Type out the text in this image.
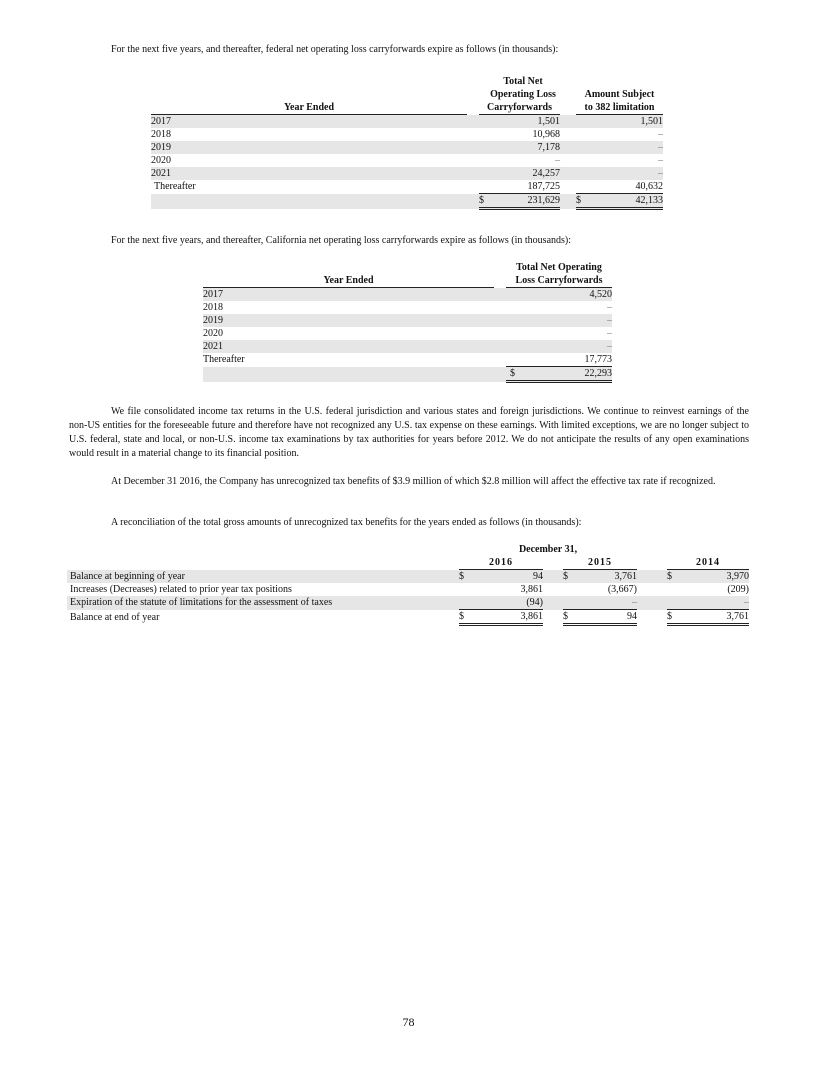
For the next five years, and thereafter, federal net operating loss carryforwards expire as follows (in thousands):

			Total Net			
			Operating Loss		Amount Subject	
Year Ended		Carryforwards			to 382 limitation	
2017			1,501			1,501
2018			10,968			–
2019			7,178			–
2020			–			–
2021			24,257			–
Thereafter			187,725			40,632
		$	231,629		$	42,133

For the next five years, and thereafter, California net operating loss carryforwards expire as follows (in thousands):

		Total Net Operating	
Year Ended		Loss Carryforwards	
2017			4,520
2018			–
2019			–
2020			–
2021			–
Thereafter			17,773
		$	22,293

We file consolidated income tax returns in the U.S. federal jurisdiction and various states and foreign jurisdictions. We continue to reinvest earnings of the non-US entities for the foreseeable future and therefore have not recognized any U.S. tax expense on these earnings. With limited exceptions, we are no longer subject to U.S. federal, state and local, or non-U.S. income tax examinations by tax authorities for years before 2012. We do not anticipate the results of any open examinations would result in a material change to its financial position.

At December 31 2016, the Company has unrecognized tax benefits of $3.9 million of which $2.8 million will affect the effective tax rate if recognized.

A reconciliation of the total gross amounts of unrecognized tax benefits for the years ended as follows (in thousands):

		December 31,							
		2016			2015			2014	
Balance at beginning of year		$	94		$	3,761		$	3,970
Increases (Decreases) related to prior year tax positions			3,861			(3,667)			(209)
Expiration of the statute of limitations for the assessment of taxes			(94)			–			–
Balance at end of year		$	3,861		$	94		$	3,761
78
